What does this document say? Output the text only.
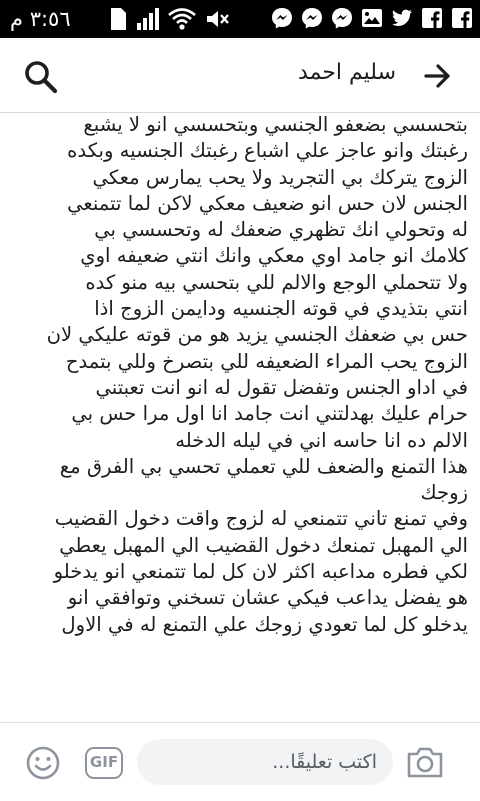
٣:٥٦ م
سليم احمد

بتحسسي بضعفو الجنسي وبتحسسي انو لا يشبع

رغبتك وانو عاجز علي اشباع رغبتك الجنسيه وبكده

الزوج يتركك بي التجريد ولا يحب يمارس معكي

الجنس لان حس انو ضعيف معكي لاكن لما تتمنعي

له وتحولي انك تظهري ضعفك له وتحسسي بي

كلامك انو جامد اوي معكي وانك انتي ضعيفه اوي

ولا تتحملي الوجع والالم للي بتحسي بيه منو كده

انتي بتذيدي في قوته الجنسيه ودايمن الزوج اذا

حس بي ضعفك الجنسي يزيد هو من قوته عليكي لان

الزوج يحب المراء الضعيفه للي بتصرخ وللي بتمدح

في اداو الجنس وتفضل تقول له انو انت تعبتني

حرام عليك بهدلتني انت جامد انا اول مرا حس بي

الالم ده انا حاسه اني في ليله الدخله

هذا التمنع والضعف للي تعملي تحسي بي الفرق مع

زوجك

وفي تمنع تاني تتمنعي له لزوج واقت دخول القضيب

الي المهبل تمنعك دخول القضيب الي المهبل يعطي

لكي فطره مداعبه اكثر لان كل لما تتمنعي انو يدخلو

هو يفضل يداعب فيكي عشان تسخني وتوافقي انو

يدخلو كل لما تعودي زوجك علي التمنع له في الاول

GIF
اكتب تعليقًا...
